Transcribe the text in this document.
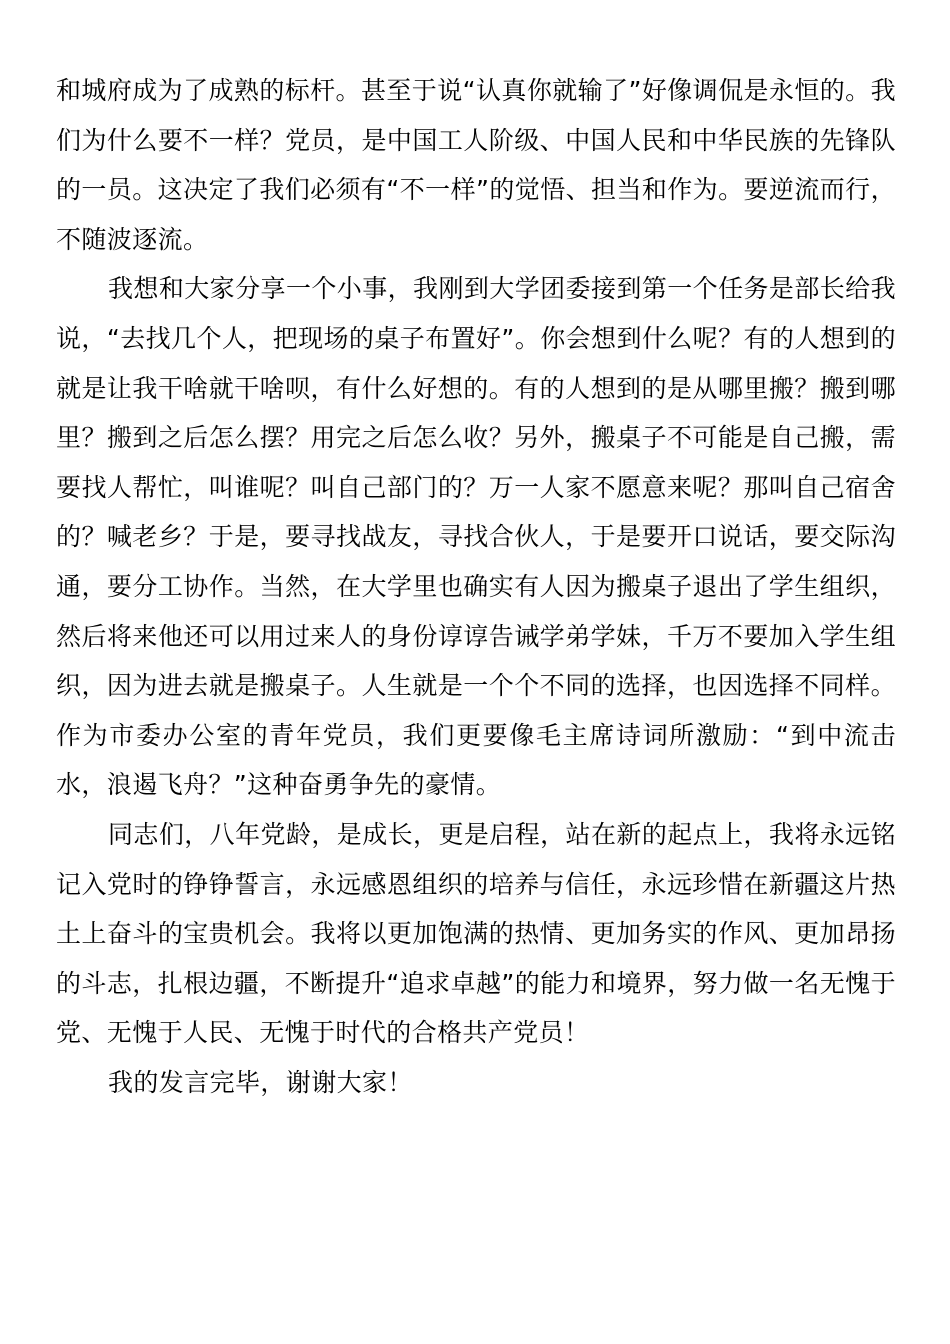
和城府成为了成熟的标杆。甚至于说“认真你就输了”好像调侃是永恒的。我们为什么要不一样？党员，是中国工人阶级、中国人民和中华民族的先锋队的一员。这决定了我们必须有“不一样”的觉悟、担当和作为。要逆流而行，不随波逐流。

我想和大家分享一个小事，我刚到大学团委接到第一个任务是部长给我说，“去找几个人，把现场的桌子布置好”。你会想到什么呢？有的人想到的就是让我干啥就干啥呗，有什么好想的。有的人想到的是从哪里搬？搬到哪里？搬到之后怎么摆？用完之后怎么收？另外，搬桌子不可能是自己搬，需要找人帮忙，叫谁呢？叫自己部门的？万一人家不愿意来呢？那叫自己宿舍的？喊老乡？于是，要寻找战友，寻找合伙人，于是要开口说话，要交际沟通，要分工协作。当然，在大学里也确实有人因为搬桌子退出了学生组织，然后将来他还可以用过来人的身份谆谆告诫学弟学妹，千万不要加入学生组织，因为进去就是搬桌子。人生就是一个个不同的选择，也因选择不同样。作为市委办公室的青年党员，我们更要像毛主席诗词所激励：“到中流击水，浪遏飞舟？”这种奋勇争先的豪情。

同志们，八年党龄，是成长，更是启程，站在新的起点上，我将永远铭记入党时的铮铮誓言，永远感恩组织的培养与信任，永远珍惜在新疆这片热土上奋斗的宝贵机会。我将以更加饱满的热情、更加务实的作风、更加昂扬的斗志，扎根边疆，不断提升“追求卓越”的能力和境界，努力做一名无愧于党、无愧于人民、无愧于时代的合格共产党员！

我的发言完毕，谢谢大家！
